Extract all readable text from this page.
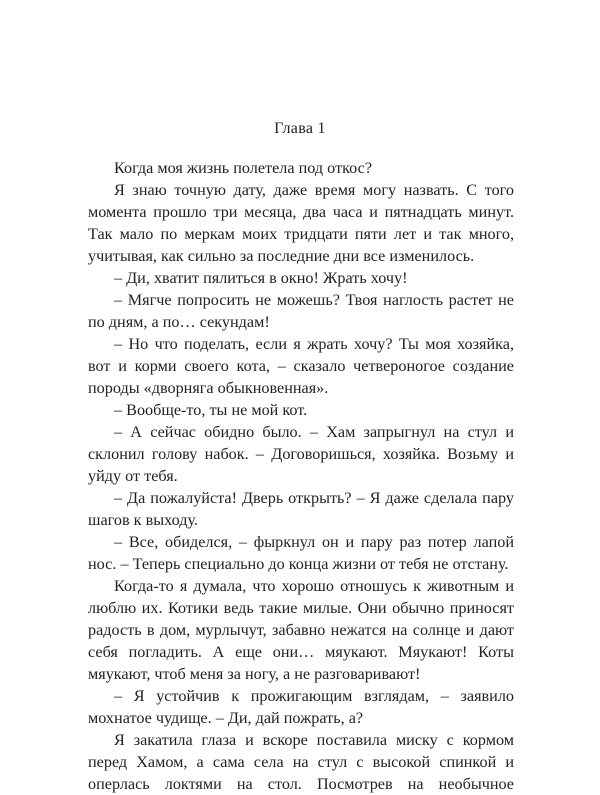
Глава 1

Когда моя жизнь полетела под откос?

Я знаю точную дату, даже время могу назвать. С того момента прошло три месяца, два часа и пятнадцать минут. Так мало по меркам моих тридцати пяти лет и так много, учитывая, как сильно за последние дни все изменилось.

– Ди, хватит пялиться в окно! Жрать хочу!

– Мягче попросить не можешь? Твоя наглость растет не по дням, а по… секундам!

– Но что поделать, если я жрать хочу? Ты моя хозяйка, вот и корми своего кота, – сказало четвероногое создание породы «дворняга обыкновенная».

– Вообще-то, ты не мой кот.

– А сейчас обидно было. – Хам запрыгнул на стул и склонил голову набок. – Договоришься, хозяйка. Возьму и уйду от тебя.

– Да пожалуйста! Дверь открыть? – Я даже сделала пару шагов к выходу.

– Все, обиделся, – фыркнул он и пару раз потер лапой нос. – Теперь специально до конца жизни от тебя не отстану.

Когда-то я думала, что хорошо отношусь к животным и люблю их. Котики ведь такие милые. Они обычно приносят радость в дом, мурлычут, забавно нежатся на солнце и дают себя погладить. А еще они… мяукают. Мяукают! Коты мяукают, чтоб меня за ногу, а не разговаривают!

– Я устойчив к прожигающим взглядам, – заявило мохнатое чудище. – Ди, дай пожрать, а?

Я закатила глаза и вскоре поставила миску с кормом перед Хамом, а сама села на стул с высокой спинкой и оперлась локтями на стол. Посмотрев на необычное
